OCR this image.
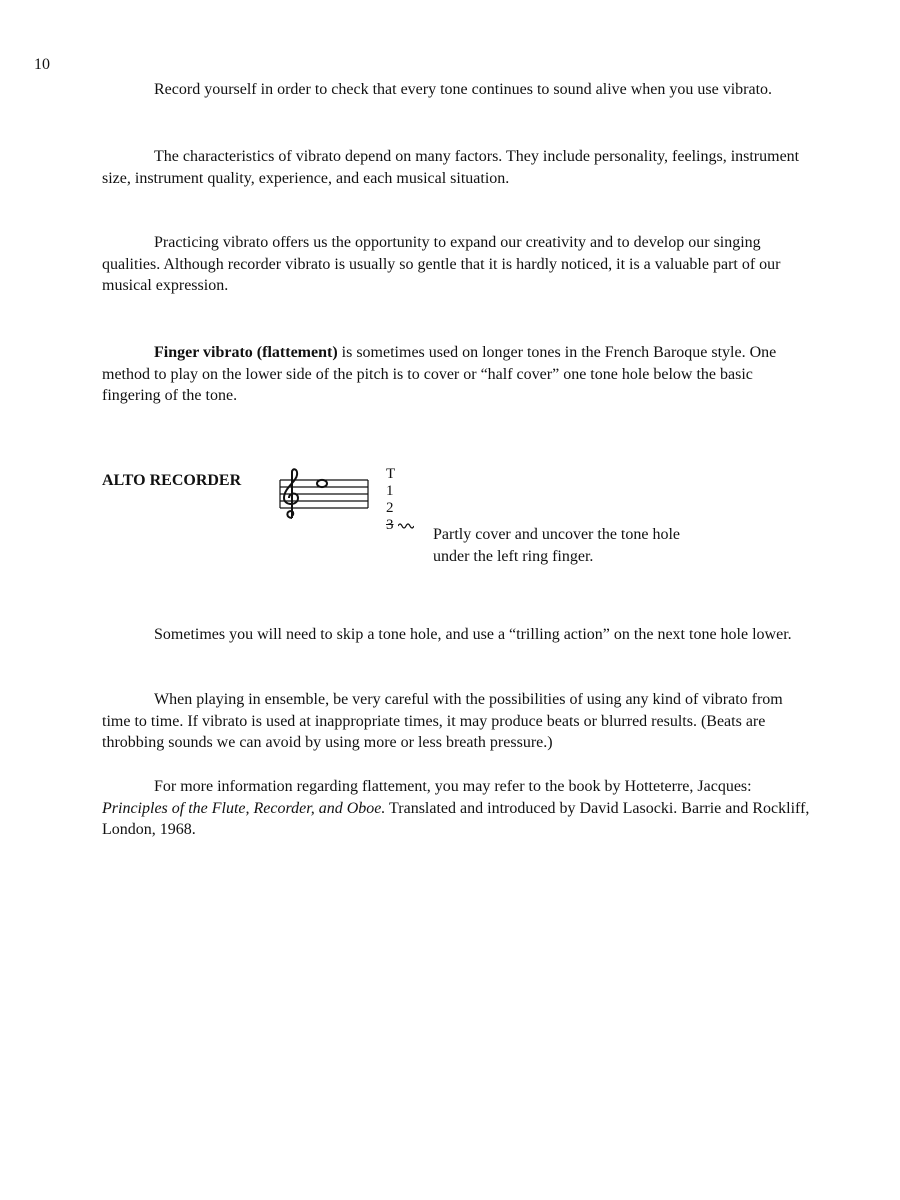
10

Record yourself in order to check that every tone continues to sound alive when you use vibrato.

The characteristics of vibrato depend on many factors. They include personality, feelings, instrument size, instrument quality, experience, and each musical situation.

Practicing vibrato offers us the opportunity to expand our creativity and to develop our singing qualities. Although recorder vibrato is usually so gentle that it is hardly noticed, it is a valuable part of our musical expression.

Finger vibrato (flattement) is sometimes used on longer tones in the French Baroque style. One method to play on the lower side of the pitch is to cover or “half cover” one tone hole below the basic fingering of the tone.

ALTO RECORDER	T
1
2
3
Partly cover and uncover the tone hole
under the left ring finger.

Sometimes you will need to skip a tone hole, and use a “trilling action” on the next tone hole lower.

When playing in ensemble, be very careful with the possibilities of using any kind of vibrato from time to time. If vibrato is used at inappropriate times, it may produce beats or blurred results. (Beats are throbbing sounds we can avoid by using more or less breath pressure.)

For more information regarding flattement, you may refer to the book by Hotteterre, Jacques: Principles of the Flute, Recorder, and Oboe. Translated and introduced by David Lasocki. Barrie and Rockliff, London, 1968.
